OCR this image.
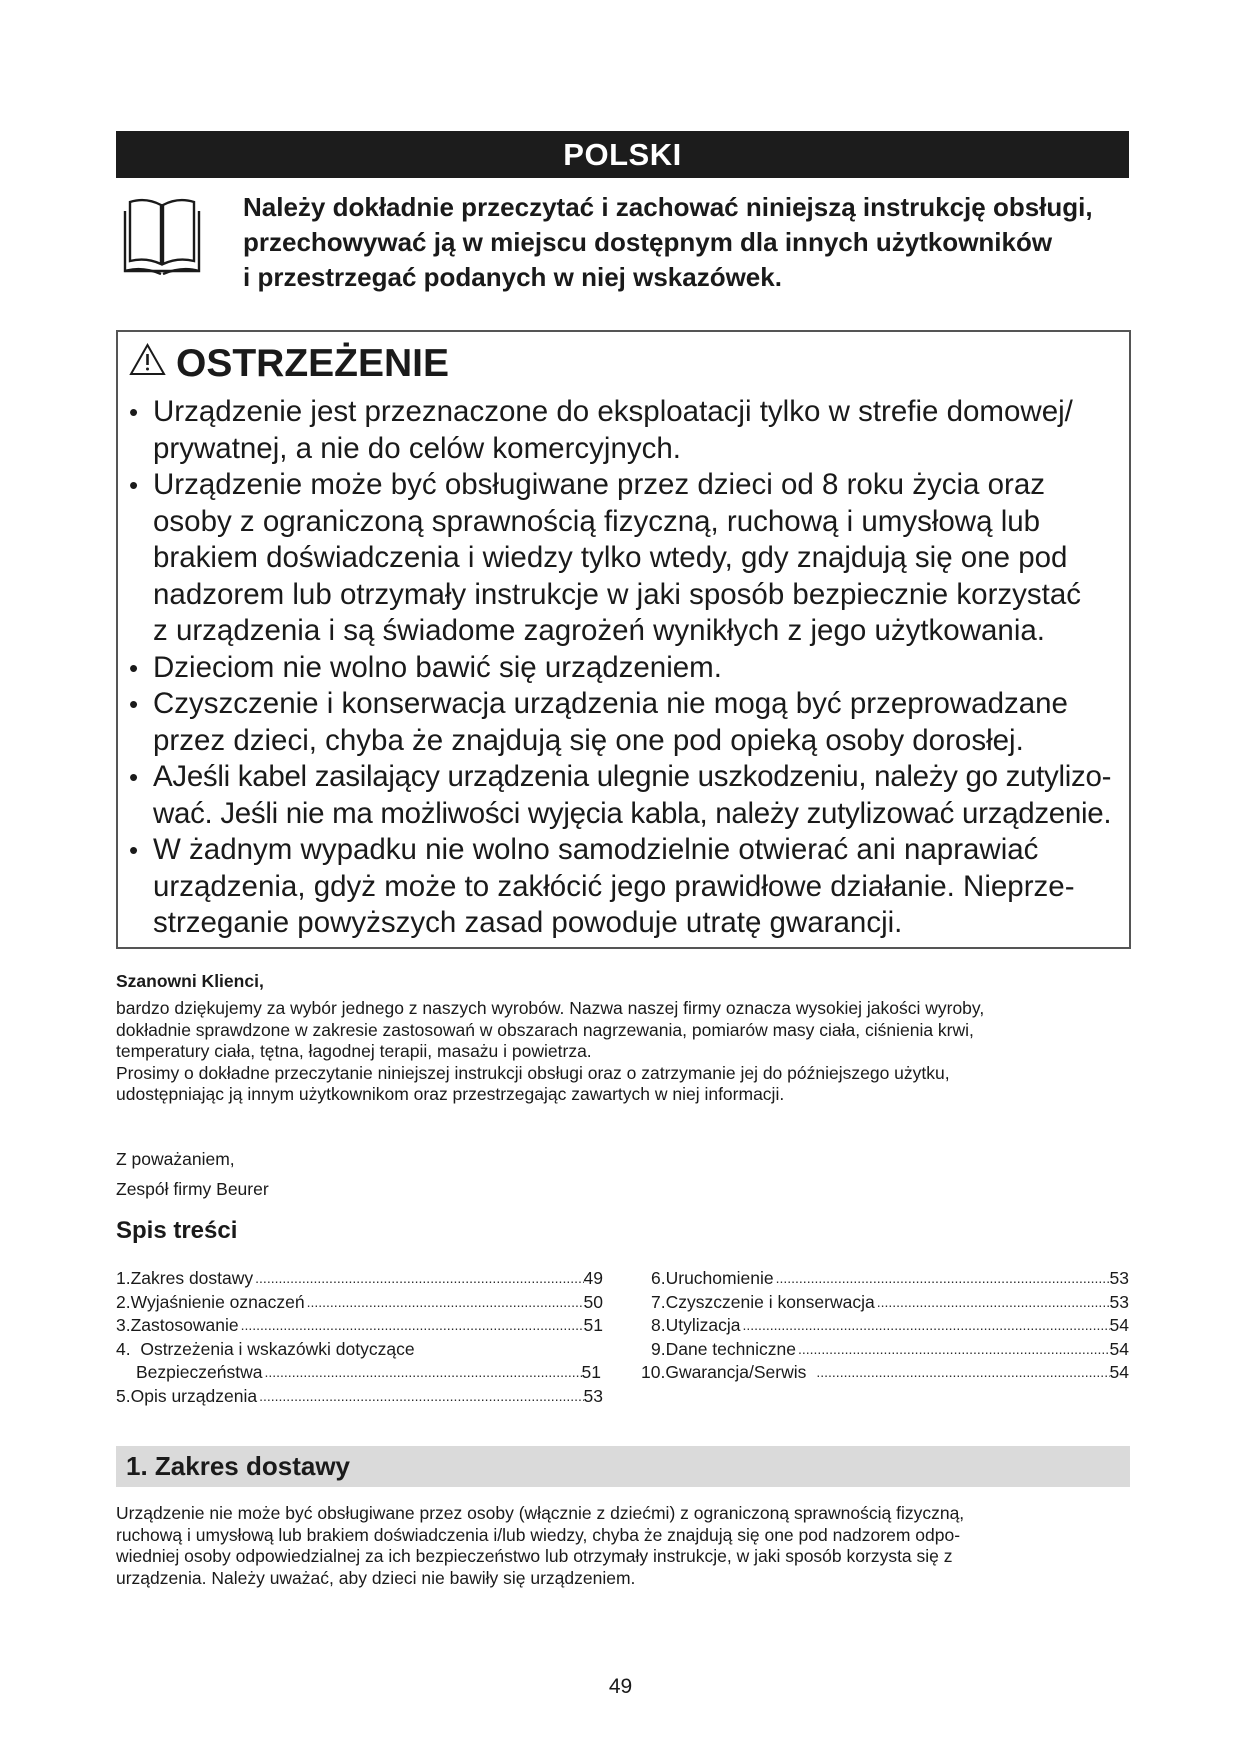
POLSKI
Należy dokładnie przeczytać i zachować niniejszą instrukcję obsługi,
przechowywać ją w miejscu dostępnym dla innych użytkowników
i przestrzegać podanych w niej wskazówek.
OSTRZEŻENIE
• Urządzenie jest przeznaczone do eksploatacji tylko w strefie domowej/
prywatnej, a nie do celów komercyjnych.
• Urządzenie może być obsługiwane przez dzieci od 8 roku życia oraz
osoby z ograniczoną sprawnością fizyczną, ruchową i umysłową lub
brakiem doświadczenia i wiedzy tylko wtedy, gdy znajdują się one pod
nadzorem lub otrzymały instrukcje w jaki sposób bezpiecznie korzystać
z urządzenia i są świadome zagrożeń wynikłych z jego użytkowania.
• Dzieciom nie wolno bawić się urządzeniem.
• Czyszczenie i konserwacja urządzenia nie mogą być przeprowadzane
przez dzieci, chyba że znajdują się one pod opieką osoby dorosłej.
• AJeśli kabel zasilający urządzenia ulegnie uszkodzeniu, należy go zutylizo-
wać. Jeśli nie ma możliwości wyjęcia kabla, należy zutylizować urządzenie.
• W żadnym wypadku nie wolno samodzielnie otwierać ani naprawiać
urządzenia, gdyż może to zakłócić jego prawidłowe działanie. Nieprze-
strzeganie powyższych zasad powoduje utratę gwarancji.
Szanowni Klienci,
bardzo dziękujemy za wybór jednego z naszych wyrobów. Nazwa naszej firmy oznacza wysokiej jakości wyroby,
dokładnie sprawdzone w zakresie zastosowań w obszarach nagrzewania, pomiarów masy ciała, ciśnienia krwi,
temperatury ciała, tętna, łagodnej terapii, masażu i powietrza.
Prosimy o dokładne przeczytanie niniejszej instrukcji obsługi oraz o zatrzymanie jej do późniejszego użytku,
udostępniając ją innym użytkownikom oraz przestrzegając zawartych w niej informacji.
Z poważaniem,
Zespół firmy Beurer
Spis treści
1. Zakres dostawy .....	49
2. Wyjaśnienie oznaczeń .....	50
3. Zastosowanie .....	51
4. Ostrzeżenia i wskazówki dotyczące
Bezpieczeństwa .....	51
5. Opis urządzenia .....	53
6. Uruchomienie .....	53
7. Czyszczenie i konserwacja .....	53
8. Utylizacja .....	54
9. Dane techniczne .....	54
10. Gwarancja/Serwis .....	54
1. Zakres dostawy
Urządzenie nie może być obsługiwane przez osoby (włącznie z dziećmi) z ograniczoną sprawnością fizyczną,
ruchową i umysłową lub brakiem doświadczenia i/lub wiedzy, chyba że znajdują się one pod nadzorem odpo-
wiedniej osoby odpowiedzialnej za ich bezpieczeństwo lub otrzymały instrukcje, w jaki sposób korzysta się z
urządzenia. Należy uważać, aby dzieci nie bawiły się urządzeniem.
49
